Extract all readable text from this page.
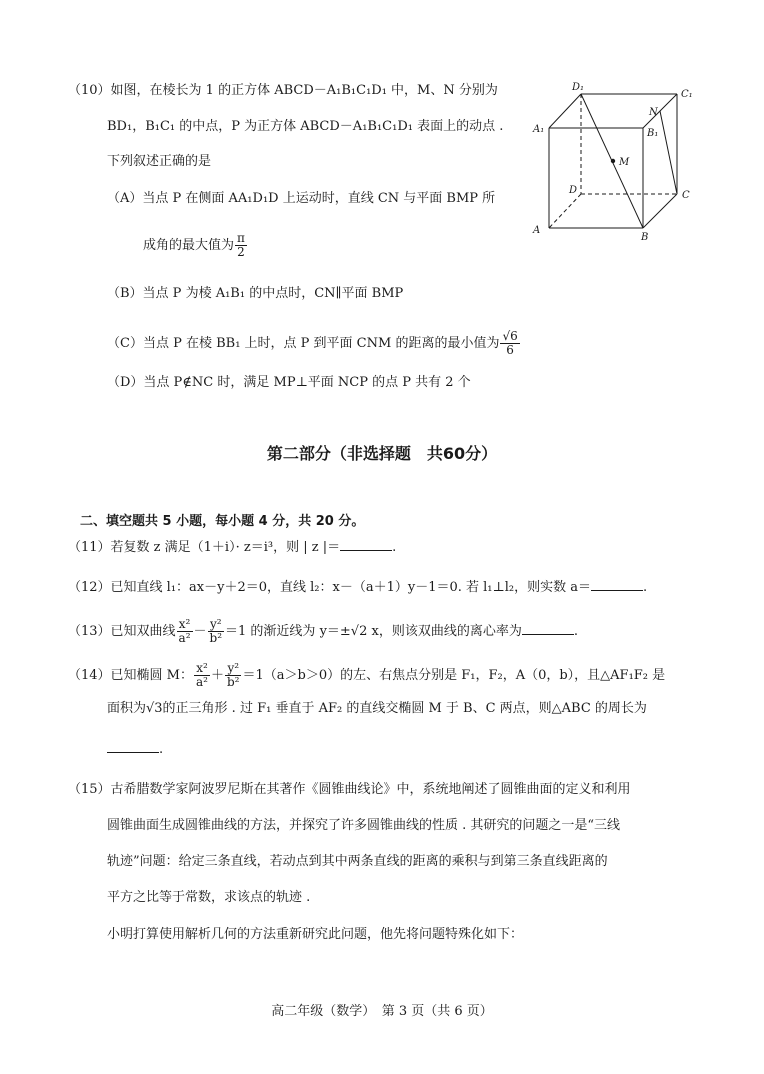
（10）如图，在棱长为 1 的正方体 ABCD－A₁B₁C₁D₁ 中，M、N 分别为
BD₁，B₁C₁ 的中点，P 为正方体 ABCD－A₁B₁C₁D₁ 表面上的动点 .
下列叙述正确的是
（A）当点 P 在侧面 AA₁D₁D 上运动时，直线 CN 与平面 BMP 所
成角的最大值为 $\frac{\pi}{2}$
（B）当点 P 为棱 A₁B₁ 的中点时，CN∥平面 BMP
（C）当点 P 在棱 BB₁ 上时，点 P 到平面 CNM 的距离的最小值为 $\frac{√6}{6}$
（D）当点 P∉NC 时，满足 MP⊥平面 NCP 的点 P 共有 2 个
D₁
C₁
N
A₁	B₁
M
D	C
A
B
第二部分（非选择题　共60分）
二、填空题共 5 小题，每小题 4 分，共 20 分。
（11）若复数 z 满足（1＋i）· z＝i³，则 | z |＝	.
（12）已知直线 l₁：ax－y＋2＝0，直线 l₂：x－（a＋1）y－1＝0. 若 l₁⊥l₂，则实数 a＝	.
（13）已知双曲线 $\frac{\text{x²}}{\text{a²}} - \frac{\text{y²}}{\text{b²}} =1$ 的渐近线为 y＝±√2 x，则该双曲线的离心率为	.
（14）已知椭圆 M： $\frac{\text{x²}}{\text{a²}} + \frac{\text{y²}}{\text{b²}} =1(a>b>0)$的左、右焦点分别是 F₁，F₂，A（0，b），且△AF₁F₂ 是
面积为√3的正三角形 . 过 F₁ 垂直于 AF₂ 的直线交椭圆 M 于 B、C 两点，则△ABC 的周长为
.
（15）古希腊数学家阿波罗尼斯在其著作《圆锥曲线论》中，系统地阐述了圆锥曲面的定义和利用
圆锥曲面生成圆锥曲线的方法，并探究了许多圆锥曲线的性质 . 其研究的问题之一是“三线
轨迹”问题：给定三条直线，若动点到其中两条直线的距离的乘积与到第三条直线距离的
平方之比等于常数，求该点的轨迹 .
小明打算使用解析几何的方法重新研究此问题，他先将问题特殊化如下：
高二年级（数学）　第 3 页（共 6 页）
